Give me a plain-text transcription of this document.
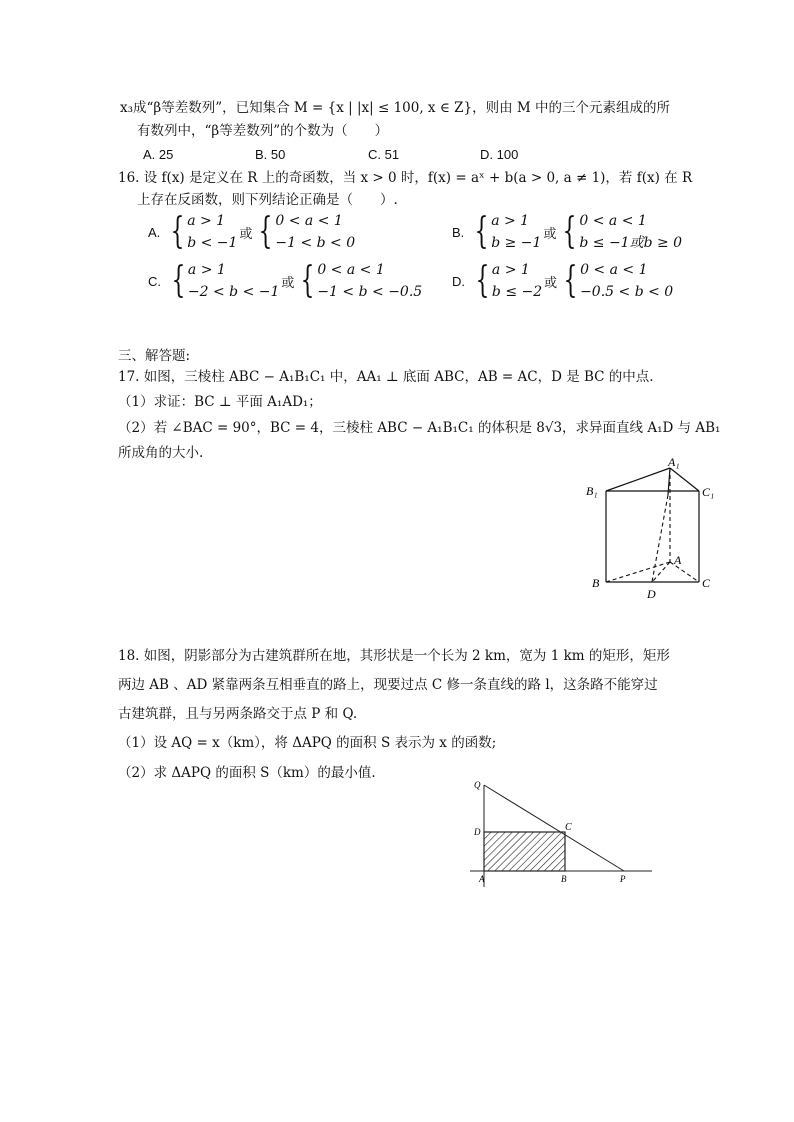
x₃成“β等差数列”，已知集合 M = {x | |x| ≤ 100, x ∈ Z}，则由 M 中的三个元素组成的所
有数列中，“β等差数列”的个数为（　　）
A. 25	B. 50	C. 51	D. 100
16. 设 f(x) 是定义在 R 上的奇函数，当 x > 0 时，f(x) = aˣ + b(a > 0, a ≠ 1)，若 f(x) 在 R
上存在反函数，则下列结论正确是（　　）.
A. { a > 1
b < −1
或 { 0 < a < 1
−1 < b < 0
B. { a > 1
b ≥ −1
或 { 0 < a < 1
b ≤ −1或b ≥ 0
C. { a > 1
−2 < b < −1
或 { 0 < a < 1
−1 < b < −0.5
D. { a > 1
b ≤ −2
或 { 0 < a < 1
−0.5 < b < 0
三、解答题:
17. 如图，三棱柱 ABC − A₁B₁C₁ 中，AA₁ ⊥ 底面 ABC，AB = AC，D 是 BC 的中点.
（1）求证：BC ⊥ 平面 A₁AD₁；
（2）若 ∠BAC = 90°，BC = 4，三棱柱 ABC − A₁B₁C₁ 的体积是 8√3，求异面直线 A₁D 与 AB₁
所成角的大小.
A₁
B₁	C₁
A
B	C
D
18. 如图，阴影部分为古建筑群所在地，其形状是一个长为 2 km，宽为 1 km 的矩形，矩形
两边 AB 、AD 紧靠两条互相垂直的路上，现要过点 C 修一条直线的路 l，这条路不能穿过
古建筑群，且与另两条路交于点 P 和 Q.
（1）设 AQ = x（km），将 ΔAPQ 的面积 S 表示为 x 的函数;
（2）求 ΔAPQ 的面积 S（km）的最小值.
Q
D	C
A	B	P
